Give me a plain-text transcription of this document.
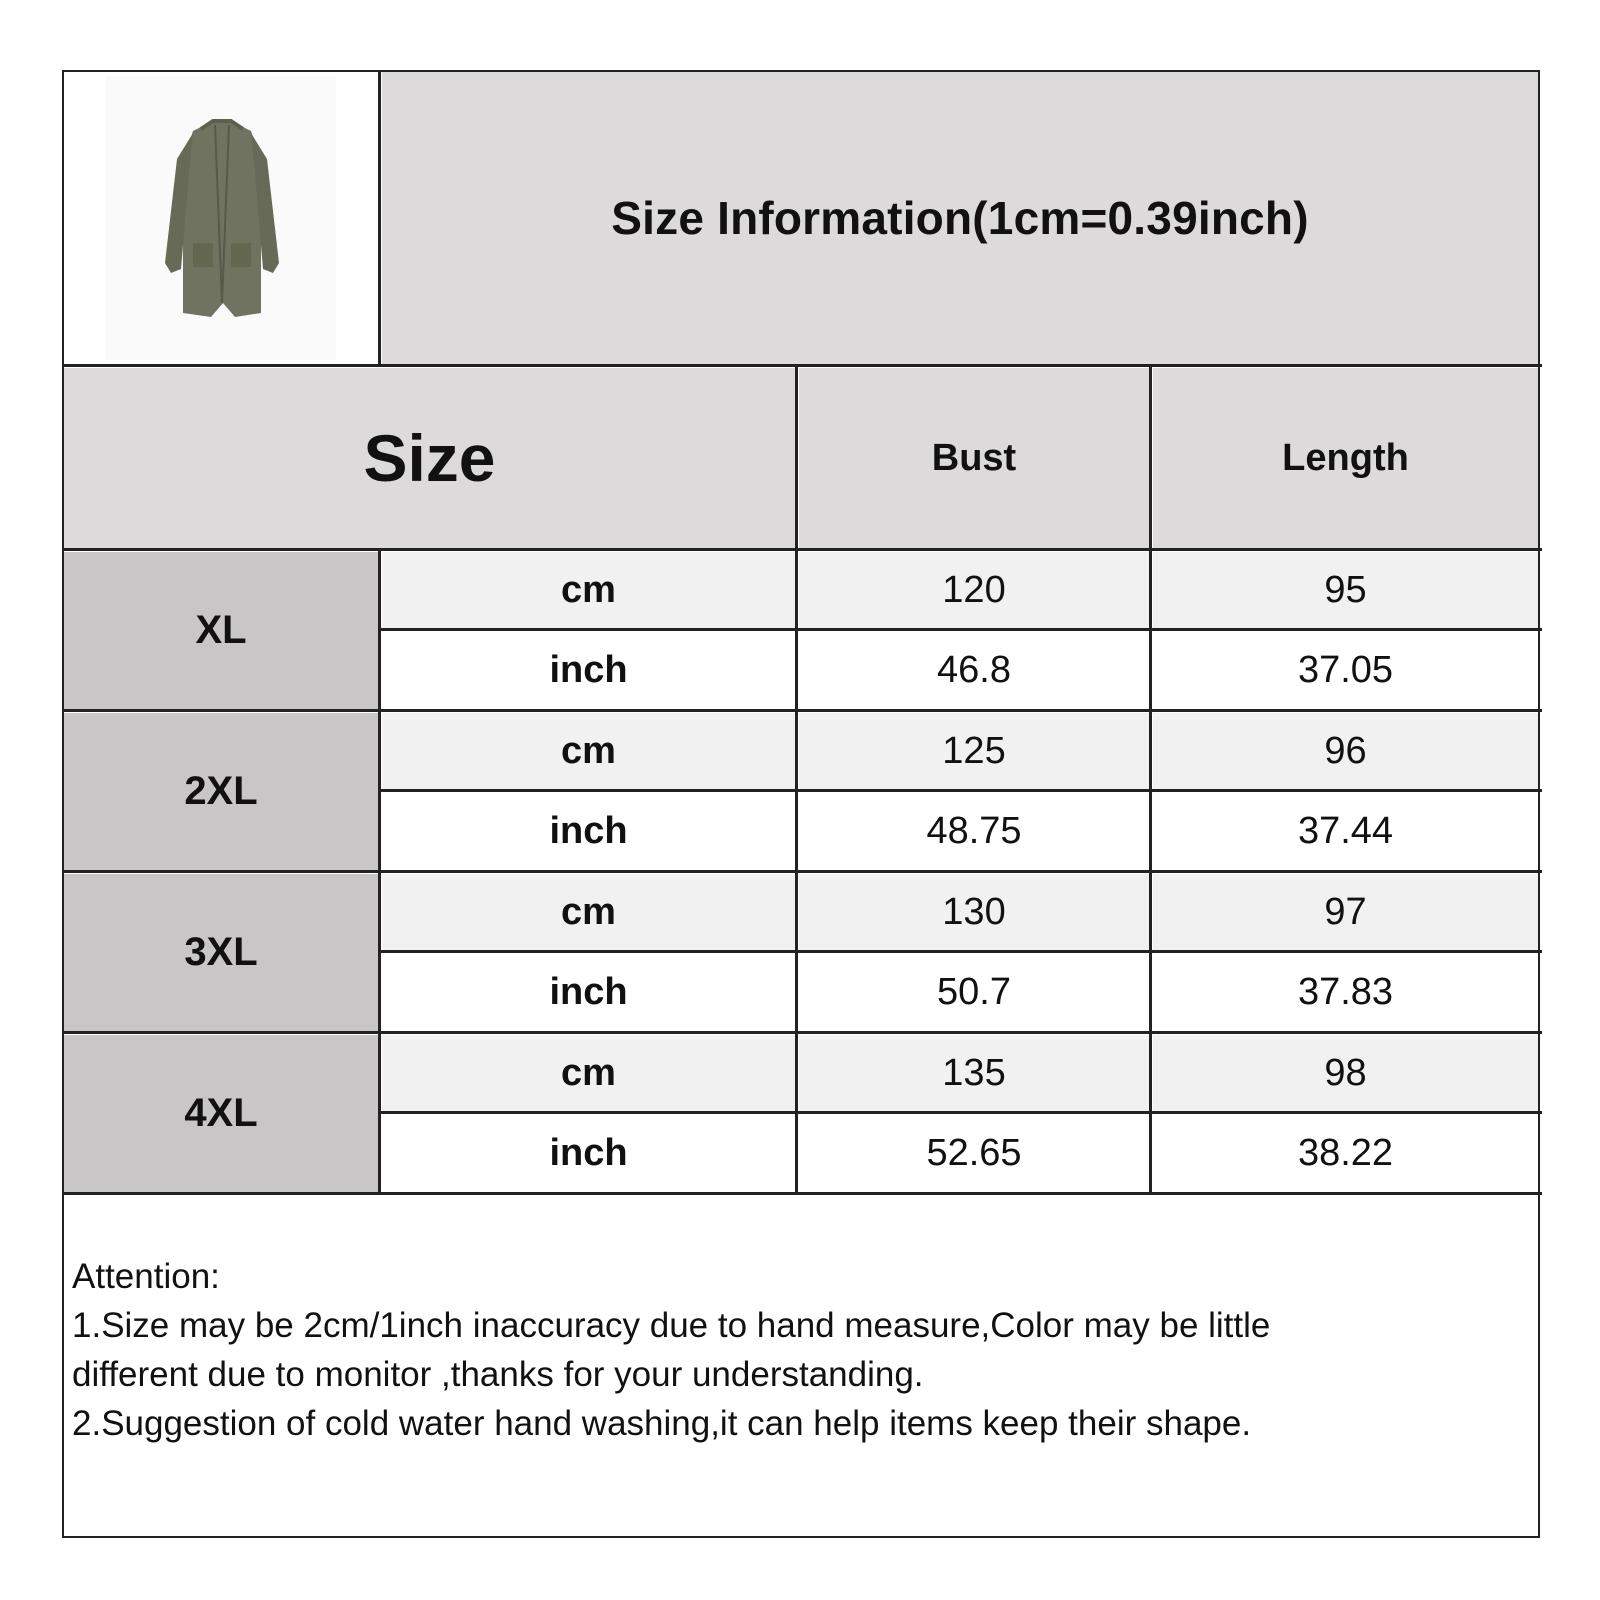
Size Information(1cm=0.39inch)
Size	Bust	Length
XL
cm	120	95
inch	46.8	37.05
2XL
cm	125	96
inch	48.75	37.44
3XL
cm	130	97
inch	50.7	37.83
4XL
cm	135	98
inch	52.65	38.22
Attention:
1.Size may be 2cm/1inch inaccuracy due to hand measure,Color may be little
different due to monitor ,thanks for your understanding.
2.Suggestion of cold water hand washing,it can help items keep their shape.
